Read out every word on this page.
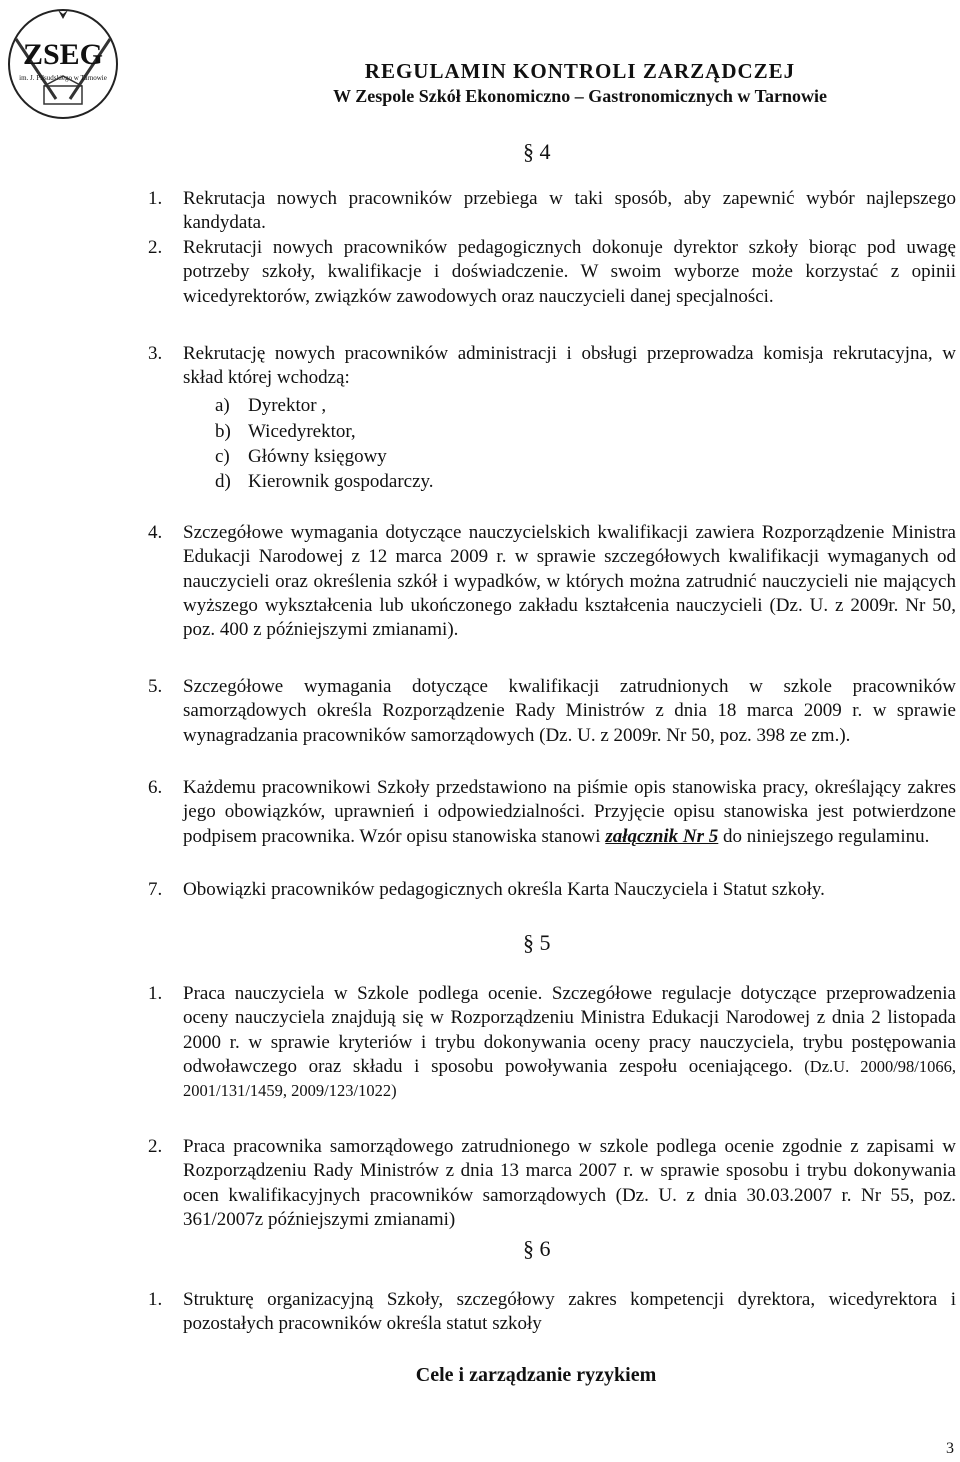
ZSEG
im. J. Piłsudskiego w Tarnowie	REGULAMIN KONTROLI ZARZĄDCZEJ
W Zespole Szkół Ekonomiczno – Gastronomicznych w Tarnowie
§ 4
1.	Rekrutacja nowych pracowników przebiega w taki sposób, aby zapewnić wybór najlepszego kandydata.
2.	Rekrutacji nowych pracowników pedagogicznych dokonuje dyrektor szkoły biorąc pod uwagę potrzeby szkoły, kwalifikacje i doświadczenie. W swoim wyborze może korzystać z opinii wicedyrektorów, związków zawodowych oraz nauczycieli danej specjalności.
3.	Rekrutację nowych pracowników administracji i obsługi przeprowadza komisja rekrutacyjna, w skład której wchodzą:
a) Dyrektor ,
b) Wicedyrektor,
c) Główny księgowy
d) Kierownik gospodarczy.
4.	Szczegółowe wymagania dotyczące nauczycielskich kwalifikacji zawiera Rozporządzenie Ministra Edukacji Narodowej z 12 marca 2009 r. w sprawie szczegółowych kwalifikacji wymaganych od nauczycieli oraz określenia szkół i wypadków, w których można zatrudnić nauczycieli nie mających wyższego wykształcenia lub ukończonego zakładu kształcenia nauczycieli (Dz. U. z 2009r. Nr 50, poz. 400 z późniejszymi zmianami).
5.	Szczegółowe wymagania dotyczące kwalifikacji zatrudnionych w szkole pracowników samorządowych określa Rozporządzenie Rady Ministrów z dnia 18 marca 2009 r. w sprawie wynagradzania pracowników samorządowych (Dz. U. z 2009r. Nr 50, poz. 398 ze zm.).
6.	Każdemu pracownikowi Szkoły przedstawiono na piśmie opis stanowiska pracy, określający zakres jego obowiązków, uprawnień i odpowiedzialności. Przyjęcie opisu stanowiska jest potwierdzone podpisem pracownika. Wzór opisu stanowiska stanowi załącznik Nr 5 do niniejszego regulaminu.
7.	Obowiązki pracowników pedagogicznych określa Karta Nauczyciela i Statut szkoły.
§ 5
1.	Praca nauczyciela w Szkole podlega ocenie. Szczegółowe regulacje dotyczące przeprowadzenia oceny nauczyciela znajdują się w Rozporządzeniu Ministra Edukacji Narodowej z dnia 2 listopada 2000 r. w sprawie kryteriów i trybu dokonywania oceny pracy nauczyciela, trybu postępowania odwoławczego oraz składu i sposobu powoływania zespołu oceniającego. (Dz.U. 2000/98/1066, 2001/131/1459, 2009/123/1022)
2.	Praca pracownika samorządowego zatrudnionego w szkole podlega ocenie zgodnie z zapisami w Rozporządzeniu Rady Ministrów z dnia 13 marca 2007 r. w sprawie sposobu i trybu dokonywania ocen kwalifikacyjnych pracowników samorządowych (Dz. U. z dnia 30.03.2007 r. Nr 55, poz. 361/2007z późniejszymi zmianami)
§ 6
1.	Strukturę organizacyjną Szkoły, szczegółowy zakres kompetencji dyrektora, wicedyrektora i pozostałych pracowników określa statut szkoły
Cele i zarządzanie ryzykiem
3
